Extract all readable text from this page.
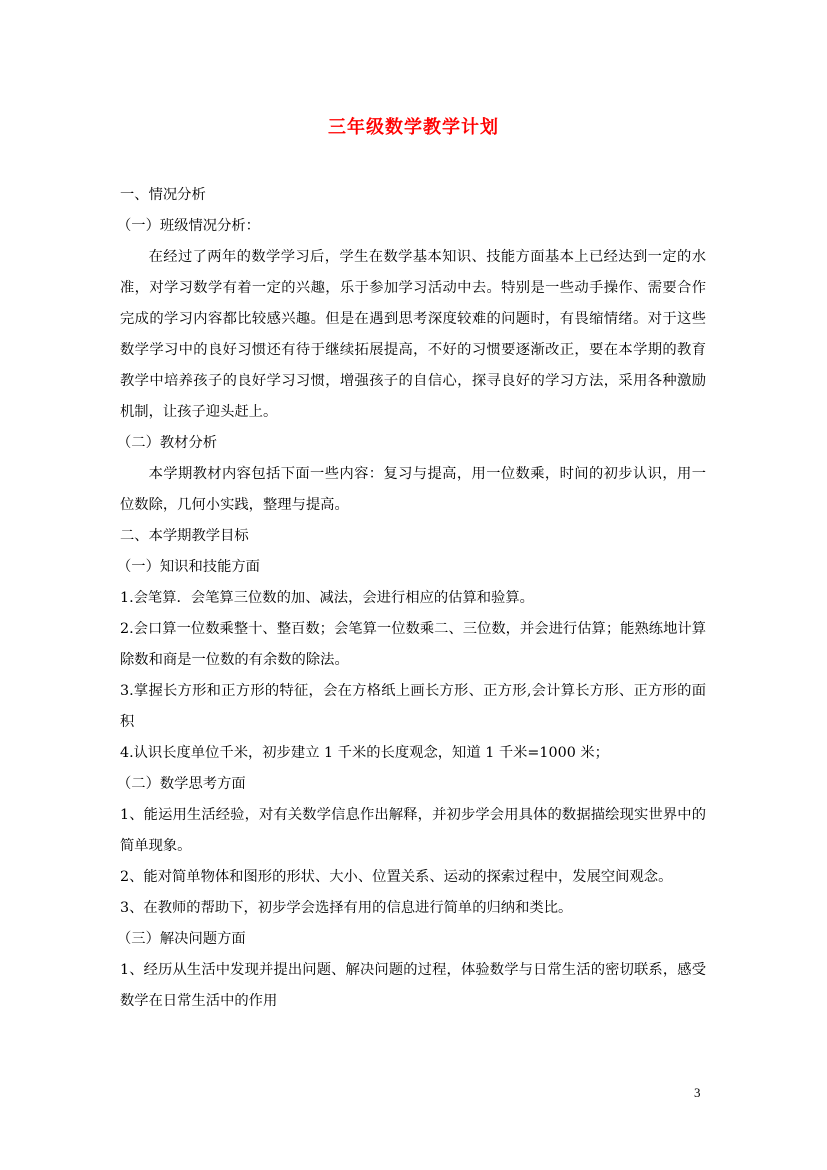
三年级数学教学计划

一、情况分析

（一）班级情况分析：

在经过了两年的数学学习后，学生在数学基本知识、技能方面基本上已经达到一定的水准，对学习数学有着一定的兴趣，乐于参加学习活动中去。特别是一些动手操作、需要合作完成的学习内容都比较感兴趣。但是在遇到思考深度较难的问题时，有畏缩情绪。对于这些数学学习中的良好习惯还有待于继续拓展提高，不好的习惯要逐渐改正，要在本学期的教育教学中培养孩子的良好学习习惯，增强孩子的自信心，探寻良好的学习方法，采用各种激励机制，让孩子迎头赶上。

（二）教材分析

本学期教材内容包括下面一些内容：复习与提高，用一位数乘，时间的初步认识，用一位数除，几何小实践，整理与提高。

二、本学期教学目标

（一）知识和技能方面

1.会笔算．会笔算三位数的加、减法，会进行相应的估算和验算。

2.会口算一位数乘整十、整百数；会笔算一位数乘二、三位数，并会进行估算；能熟练地计算除数和商是一位数的有余数的除法。

3.掌握长方形和正方形的特征，会在方格纸上画长方形、正方形,会计算长方形、正方形的面积

4.认识长度单位千米，初步建立 1 千米的长度观念，知道 1 千米=1000 米；

（二）数学思考方面

1、能运用生活经验，对有关数学信息作出解释，并初步学会用具体的数据描绘现实世界中的简单现象。

2、能对简单物体和图形的形状、大小、位置关系、运动的探索过程中，发展空间观念。

3、在教师的帮助下，初步学会选择有用的信息进行简单的归纳和类比。

（三）解决问题方面

1、经历从生活中发现并提出问题、解决问题的过程，体验数学与日常生活的密切联系，感受数学在日常生活中的作用

3
